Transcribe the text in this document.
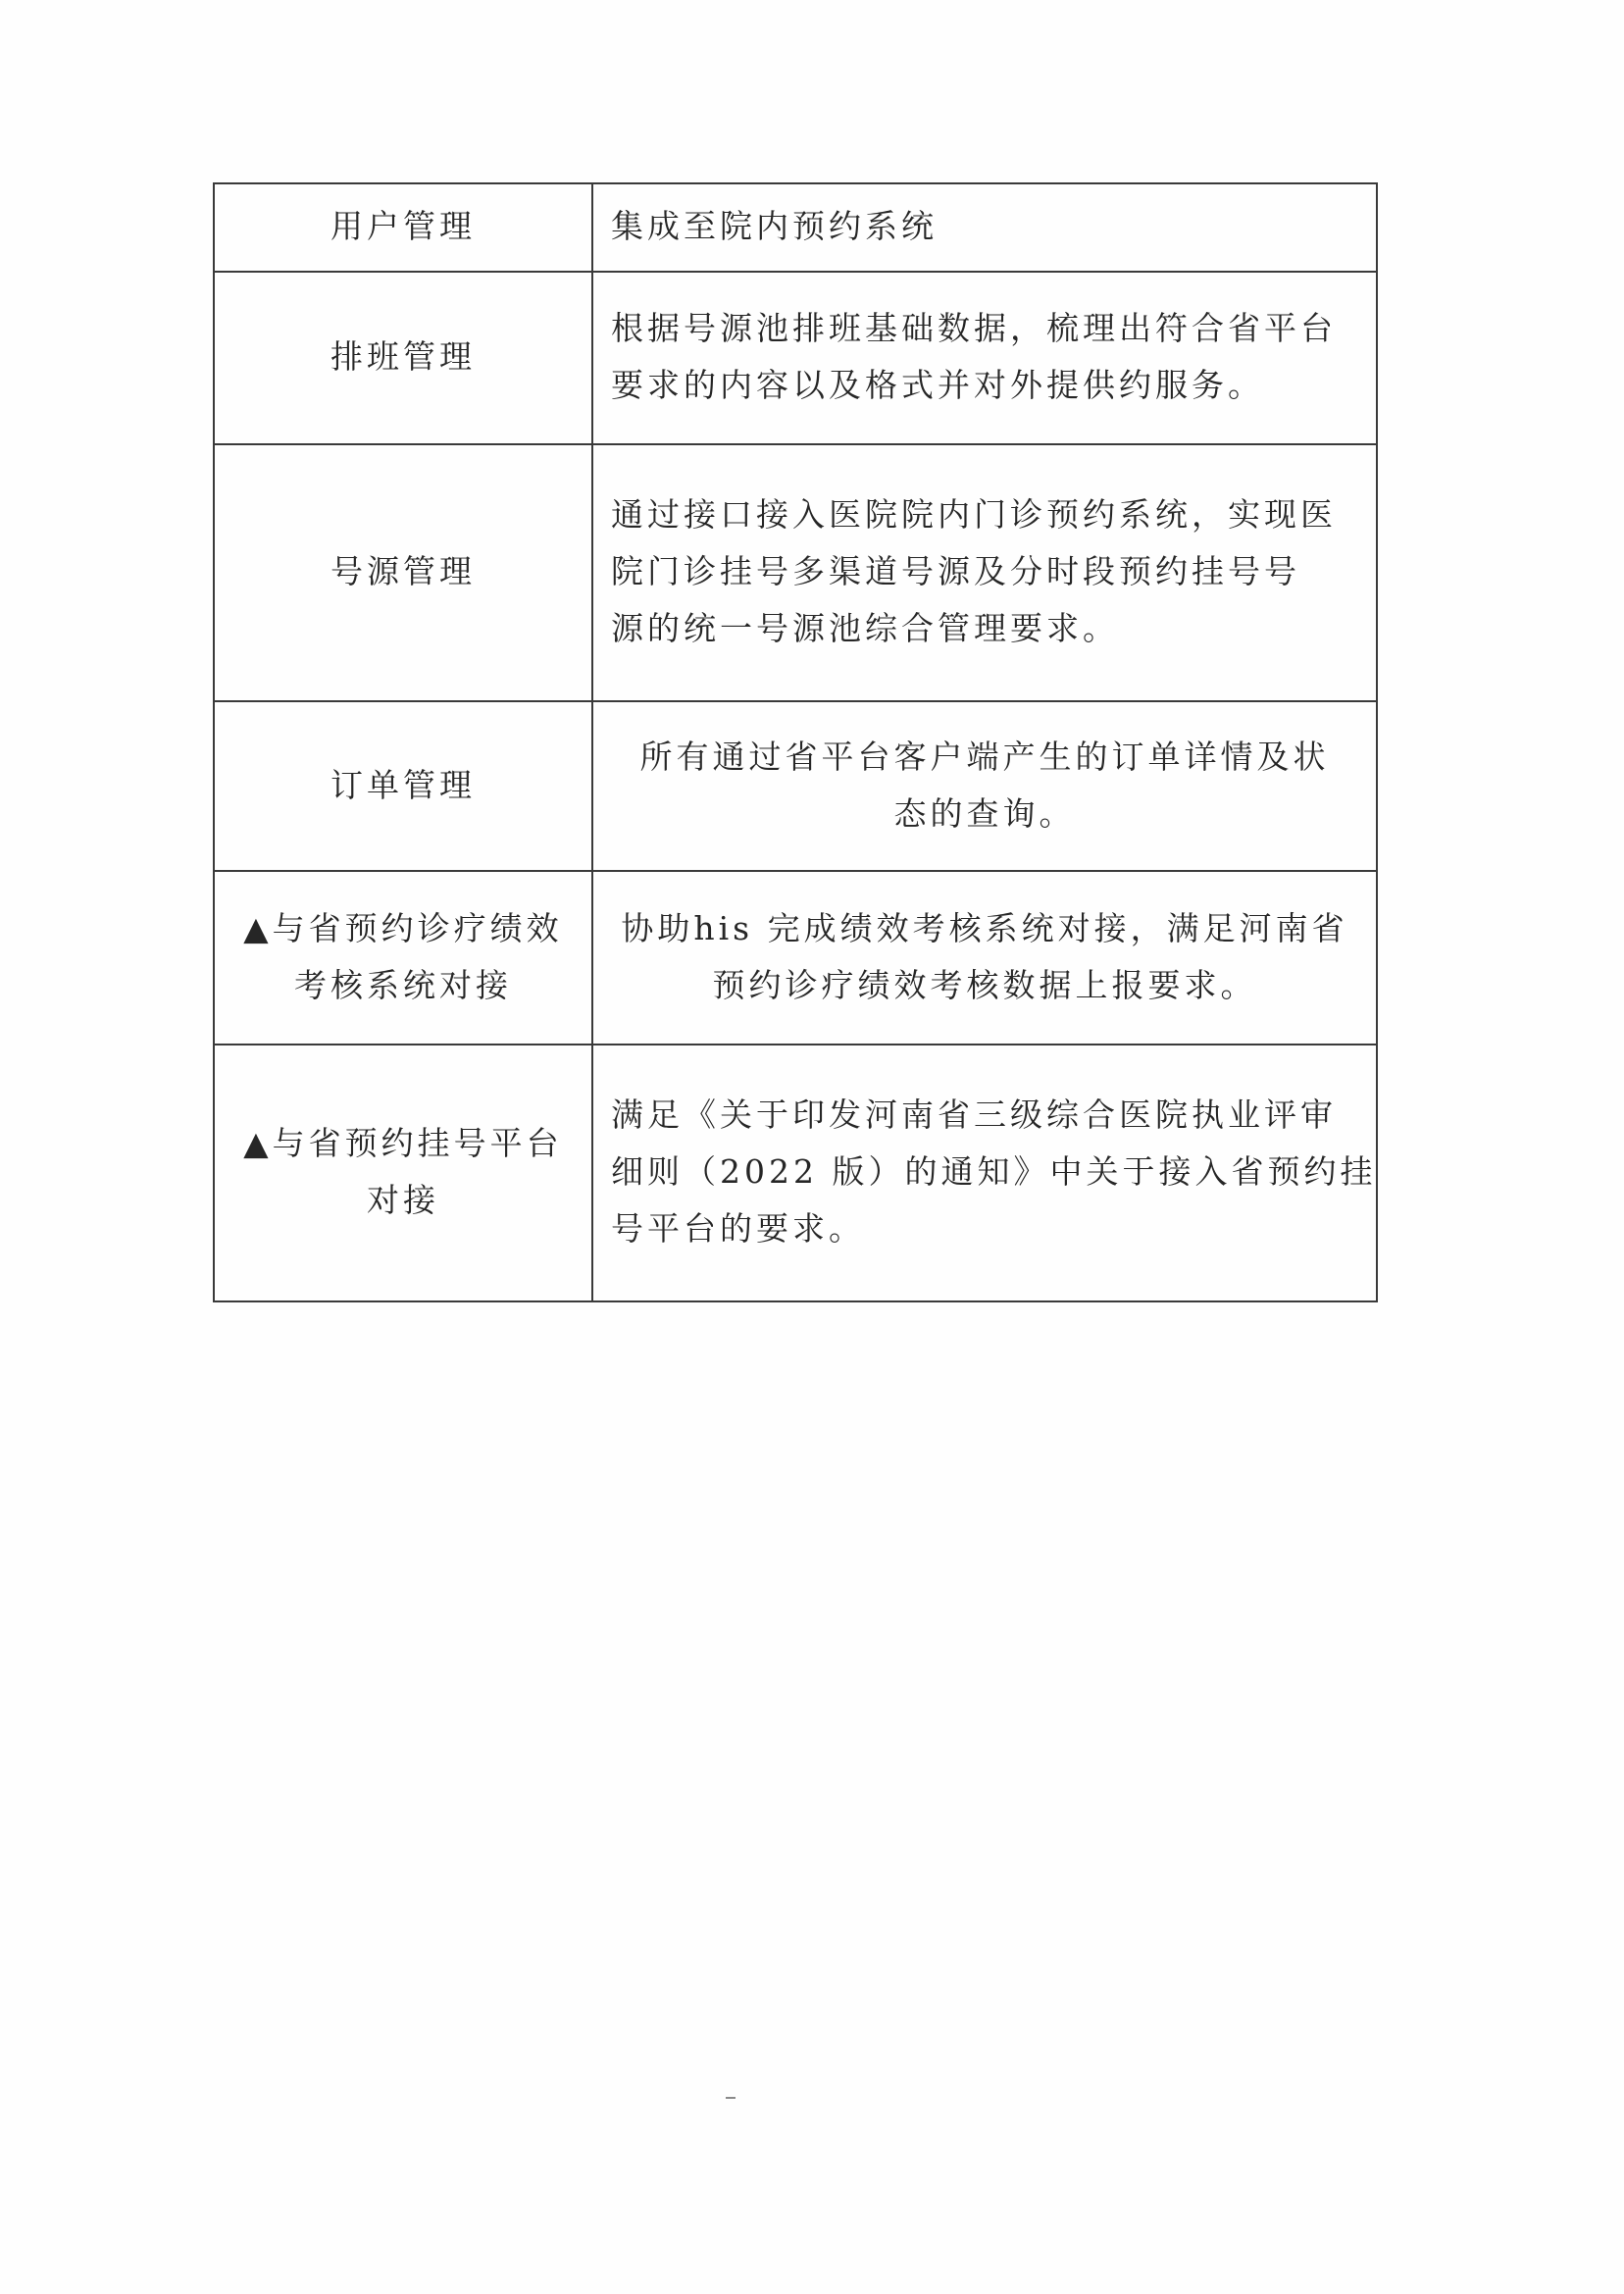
用户管理	集成至院内预约系统

排班管理	根据号源池排班基础数据，梳理出符合省平台
要求的内容以及格式并对外提供约服务。

号源管理	通过接口接入医院院内门诊预约系统，实现医
院门诊挂号多渠道号源及分时段预约挂号号
源的统一号源池综合管理要求。

订单管理	所有通过省平台客户端产生的订单详情及状
态的查询。

▲与省预约诊疗绩效
考核系统对接	协助his 完成绩效考核系统对接，满足河南省
预约诊疗绩效考核数据上报要求。

▲与省预约挂号平台
对接	满足《关于印发河南省三级综合医院执业评审
细则（2022 版）的通知》中关于接入省预约挂
号平台的要求。
